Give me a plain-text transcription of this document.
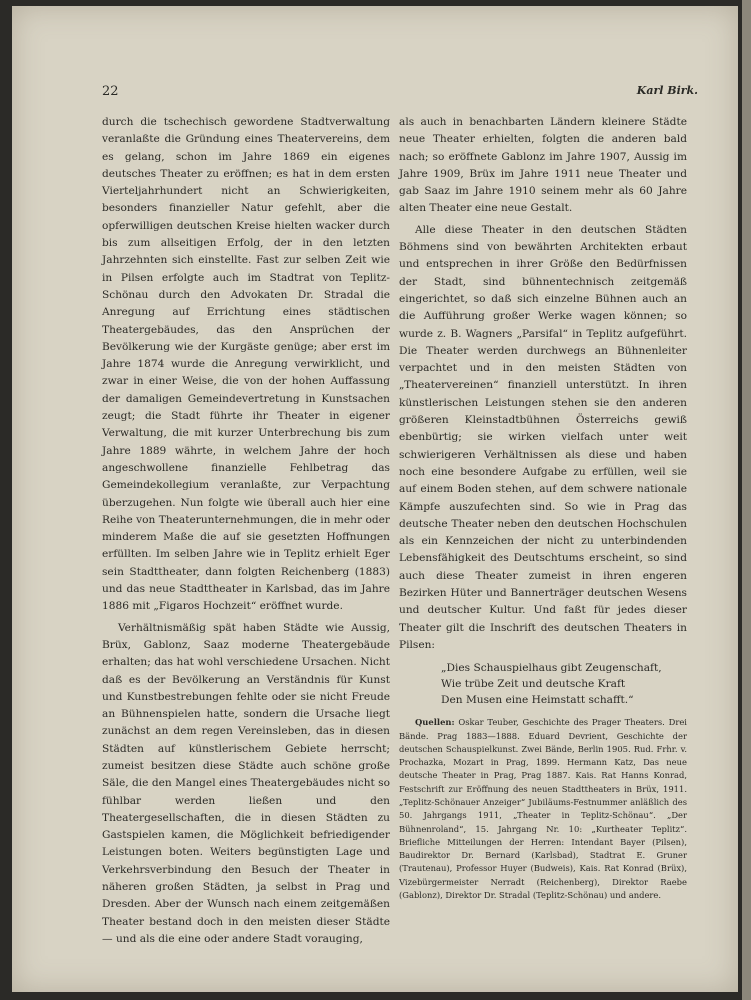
22	Karl Birk.

durch die tschechisch gewordene Stadtverwaltung veranlaßte die Gründung eines Theatervereins, dem es gelang, schon im Jahre 1869 ein eigenes deutsches Theater zu eröffnen; es hat in dem ersten Vierteljahrhundert nicht an Schwierigkeiten, besonders finanzieller Natur gefehlt, aber die opferwilligen deutschen Kreise hielten wacker durch bis zum allseitigen Erfolg, der in den letzten Jahrzehnten sich einstellte. Fast zur selben Zeit wie in Pilsen erfolgte auch im Stadtrat von Teplitz-Schönau durch den Advokaten Dr. Stradal die Anregung auf Errichtung eines städtischen Theatergebäudes, das den Ansprüchen der Bevölkerung wie der Kurgäste genüge; aber erst im Jahre 1874 wurde die Anregung verwirklicht, und zwar in einer Weise, die von der hohen Auffassung der damaligen Gemeindevertretung in Kunstsachen zeugt; die Stadt führte ihr Theater in eigener Verwaltung, die mit kurzer Unterbrechung bis zum Jahre 1889 währte, in welchem Jahre der hoch angeschwollene finanzielle Fehlbetrag das Gemeindekollegium veranlaßte, zur Verpachtung überzugehen. Nun folgte wie überall auch hier eine Reihe von Theaterunternehmungen, die in mehr oder minderem Maße die auf sie gesetzten Hoffnungen erfüllten. Im selben Jahre wie in Teplitz erhielt Eger sein Stadttheater, dann folgten Reichenberg (1883) und das neue Stadttheater in Karlsbad, das im Jahre 1886 mit „Figaros Hochzeit“ eröffnet wurde.

Verhältnismäßig spät haben Städte wie Aussig, Brüx, Gablonz, Saaz moderne Theatergebäude erhalten; das hat wohl verschiedene Ursachen. Nicht daß es der Bevölkerung an Verständnis für Kunst und Kunstbestrebungen fehlte oder sie nicht Freude an Bühnenspielen hatte, sondern die Ursache liegt zunächst an dem regen Vereinsleben, das in diesen Städten auf künstlerischem Gebiete herrscht; zumeist besitzen diese Städte auch schöne große Säle, die den Mangel eines Theatergebäudes nicht so fühlbar werden ließen und den Theatergesellschaften, die in diesen Städten zu Gastspielen kamen, die Möglichkeit befriedigender Leistungen boten. Weiters begünstigten Lage und Verkehrsverbindung den Besuch der Theater in näheren großen Städten, ja selbst in Prag und Dresden. Aber der Wunsch nach einem zeitgemäßen Theater bestand doch in den meisten dieser Städte — und als die eine oder andere Stadt vorauging,

als auch in benachbarten Ländern kleinere Städte neue Theater erhielten, folgten die anderen bald nach; so eröffnete Gablonz im Jahre 1907, Aussig im Jahre 1909, Brüx im Jahre 1911 neue Theater und gab Saaz im Jahre 1910 seinem mehr als 60 Jahre alten Theater eine neue Gestalt.

Alle diese Theater in den deutschen Städten Böhmens sind von bewährten Architekten erbaut und entsprechen in ihrer Größe den Bedürfnissen der Stadt, sind bühnentechnisch zeitgemäß eingerichtet, so daß sich einzelne Bühnen auch an die Aufführung großer Werke wagen können; so wurde z. B. Wagners „Parsifal“ in Teplitz aufgeführt. Die Theater werden durchwegs an Bühnenleiter verpachtet und in den meisten Städten von „Theatervereinen“ finanziell unterstützt. In ihren künstlerischen Leistungen stehen sie den anderen größeren Kleinstadtbühnen Österreichs gewiß ebenbürtig; sie wirken vielfach unter weit schwierigeren Verhältnissen als diese und haben noch eine besondere Aufgabe zu erfüllen, weil sie auf einem Boden stehen, auf dem schwere nationale Kämpfe auszufechten sind. So wie in Prag das deutsche Theater neben den deutschen Hochschulen als ein Kennzeichen der nicht zu unterbindenden Lebensfähigkeit des Deutschtums erscheint, so sind auch diese Theater zumeist in ihren engeren Bezirken Hüter und Bannerträger deutschen Wesens und deutscher Kultur. Und faßt für jedes dieser Theater gilt die Inschrift des deutschen Theaters in Pilsen:

„Dies Schauspielhaus gibt Zeugenschaft,
Wie trübe Zeit und deutsche Kraft
Den Musen eine Heimstatt schafft.“

Quellen: Oskar Teuber, Geschichte des Prager Theaters. Drei Bände. Prag 1883—1888. Eduard Devrient, Geschichte der deutschen Schauspielkunst. Zwei Bände, Berlin 1905. Rud. Frhr. v. Prochazka, Mozart in Prag, 1899. Hermann Katz, Das neue deutsche Theater in Prag, Prag 1887. Kais. Rat Hanns Konrad, Festschrift zur Eröffnung des neuen Stadttheaters in Brüx, 1911. „Teplitz-Schönauer Anzeiger“ Jubiläums-Festnummer anläßlich des 50. Jahrgangs 1911, „Theater in Teplitz-Schönau“. „Der Bühnenroland“, 15. Jahrgang Nr. 10: „Kurtheater Teplitz“. Briefliche Mitteilungen der Herren: Intendant Bayer (Pilsen), Baudirektor Dr. Bernard (Karlsbad), Stadtrat E. Gruner (Trautenau), Professor Huyer (Budweis), Kais. Rat Konrad (Brüx), Vizebürgermeister Nerradt (Reichenberg), Direktor Raebe (Gablonz), Direktor Dr. Stradal (Teplitz-Schönau) und andere.
